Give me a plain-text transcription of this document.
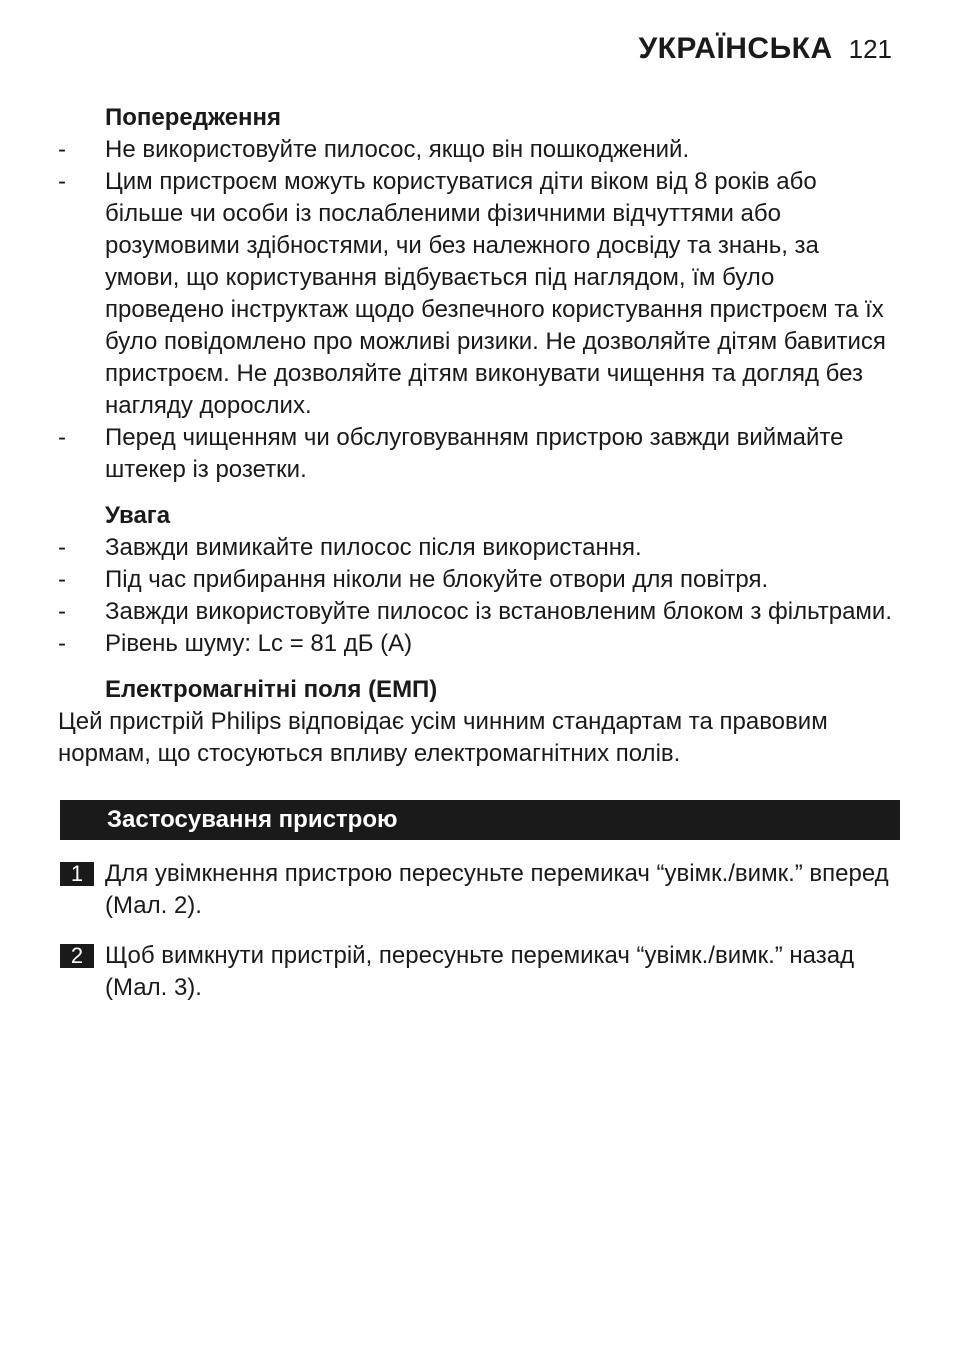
УКРАЇНСЬКА 121
Попередження
-	Не використовуйте пилосос, якщо він пошкоджений.
-	Цим пристроєм можуть користуватися діти віком від 8 років або більше чи особи із послабленими фізичними відчуттями або розумовими здібностями, чи без належного досвіду та знань, за умови, що користування відбувається під наглядом, їм було проведено інструктаж щодо безпечного користування пристроєм та їх було повідомлено про можливі ризики. Не дозволяйте дітям бавитися пристроєм. Не дозволяйте дітям виконувати чищення та догляд без нагляду дорослих.
-	Перед чищенням чи обслуговуванням пристрою завжди виймайте штекер із розетки.
Увага
-	Завжди вимикайте пилосос після використання.
-	Під час прибирання ніколи не блокуйте отвори для повітря.
-	Завжди використовуйте пилосос із встановленим блоком з фільтрами.
-	Рівень шуму: Lc = 81 дБ (A)
Електромагнітні поля (ЕМП)

Цей пристрій Philips відповідає усім чинним стандартам та правовим нормам, що стосуються впливу електромагнітних полів.

Застосування пристрою
1 Для увімкнення пристрою пересуньте перемикач “увімк./вимк.” вперед (Мал. 2).
2 Щоб вимкнути пристрій, пересуньте перемикач “увімк./вимк.” назад (Мал. 3).
